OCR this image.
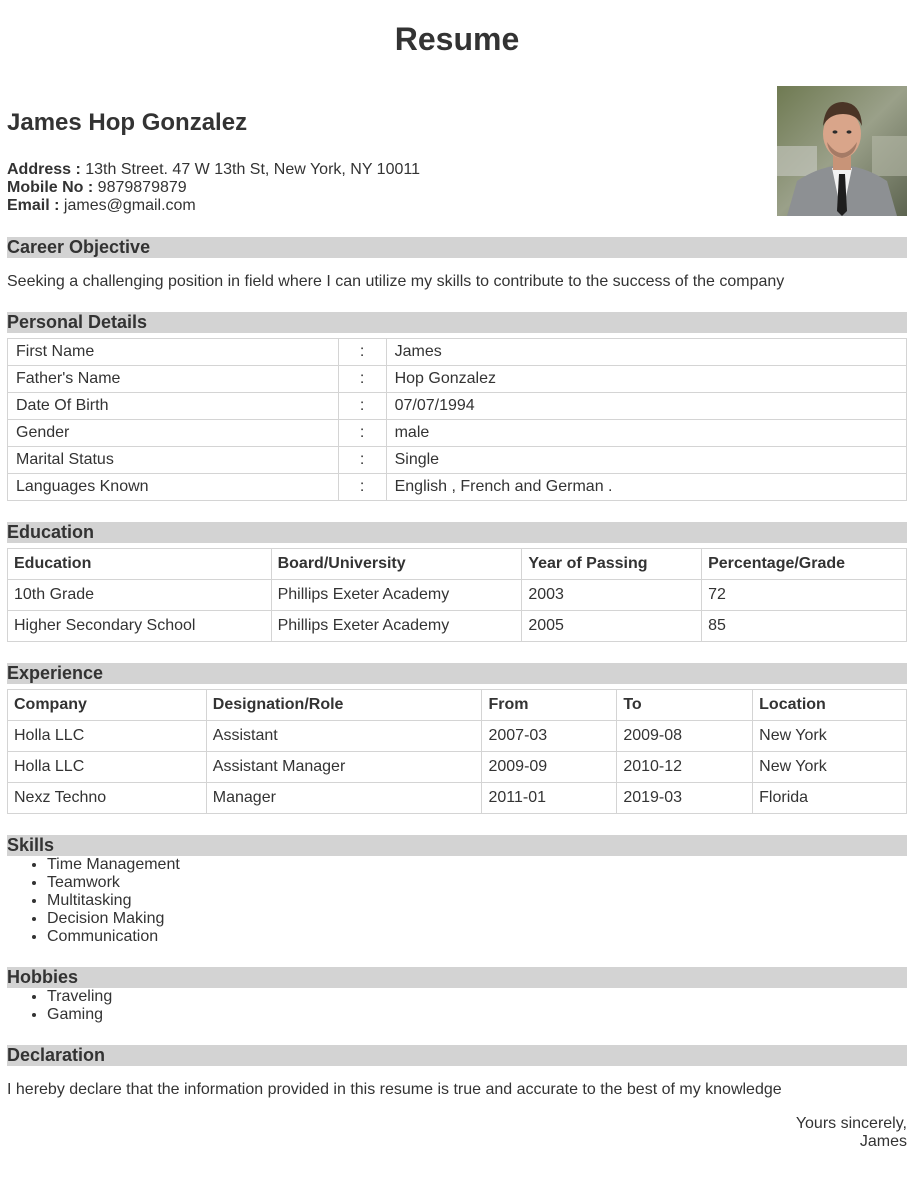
Resume
James Hop Gonzalez
Address : 13th Street. 47 W 13th St, New York, NY 10011
Mobile No : 9879879879
Email : james@gmail.com
Career Objective
Seeking a challenging position in field where I can utilize my skills to contribute to the success of the company
Personal Details
First Name	:	James
Father's Name	:	Hop Gonzalez
Date Of Birth	:	07/07/1994
Gender	:	male
Marital Status	:	Single
Languages Known	:	English , French and German .
Education
Education	Board/University	Year of Passing	Percentage/Grade
10th Grade	Phillips Exeter Academy	2003	72
Higher Secondary School	Phillips Exeter Academy	2005	85
Experience
Company	Designation/Role	From	To	Location
Holla LLC	Assistant	2007-03	2009-08	New York
Holla LLC	Assistant Manager	2009-09	2010-12	New York
Nexz Techno	Manager	2011-01	2019-03	Florida
Skills
• Time Management
• Teamwork
• Multitasking
• Decision Making
• Communication
Hobbies
• Traveling
• Gaming
Declaration
I hereby declare that the information provided in this resume is true and accurate to the best of my knowledge
Yours sincerely,
James
